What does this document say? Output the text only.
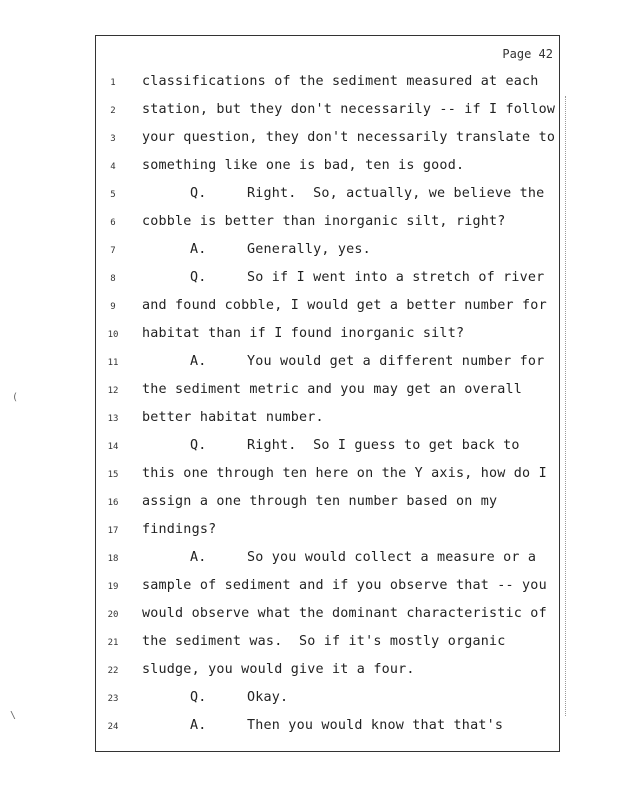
Page 42
1	classifications of the sediment measured at each
2	station, but they don't necessarily -- if I follow
3	your question, they don't necessarily translate to
4	something like one is bad, ten is good.
5	Q.	Right.  So, actually, we believe the
6	cobble is better than inorganic silt, right?
7	A.	Generally, yes.
8	Q.	So if I went into a stretch of river
9	and found cobble, I would get a better number for
10	habitat than if I found inorganic silt?
11	A.	You would get a different number for
12	the sediment metric and you may get an overall
13	better habitat number.
14	Q.	Right.  So I guess to get back to
15	this one through ten here on the Y axis, how do I
16	assign a one through ten number based on my
17	findings?
18	A.	So you would collect a measure or a
19	sample of sediment and if you observe that -- you
20	would observe what the dominant characteristic of
21	the sediment was.  So if it's mostly organic
22	sludge, you would give it a four.
23	Q.	Okay.
24	A.	Then you would know that that's
(
\
